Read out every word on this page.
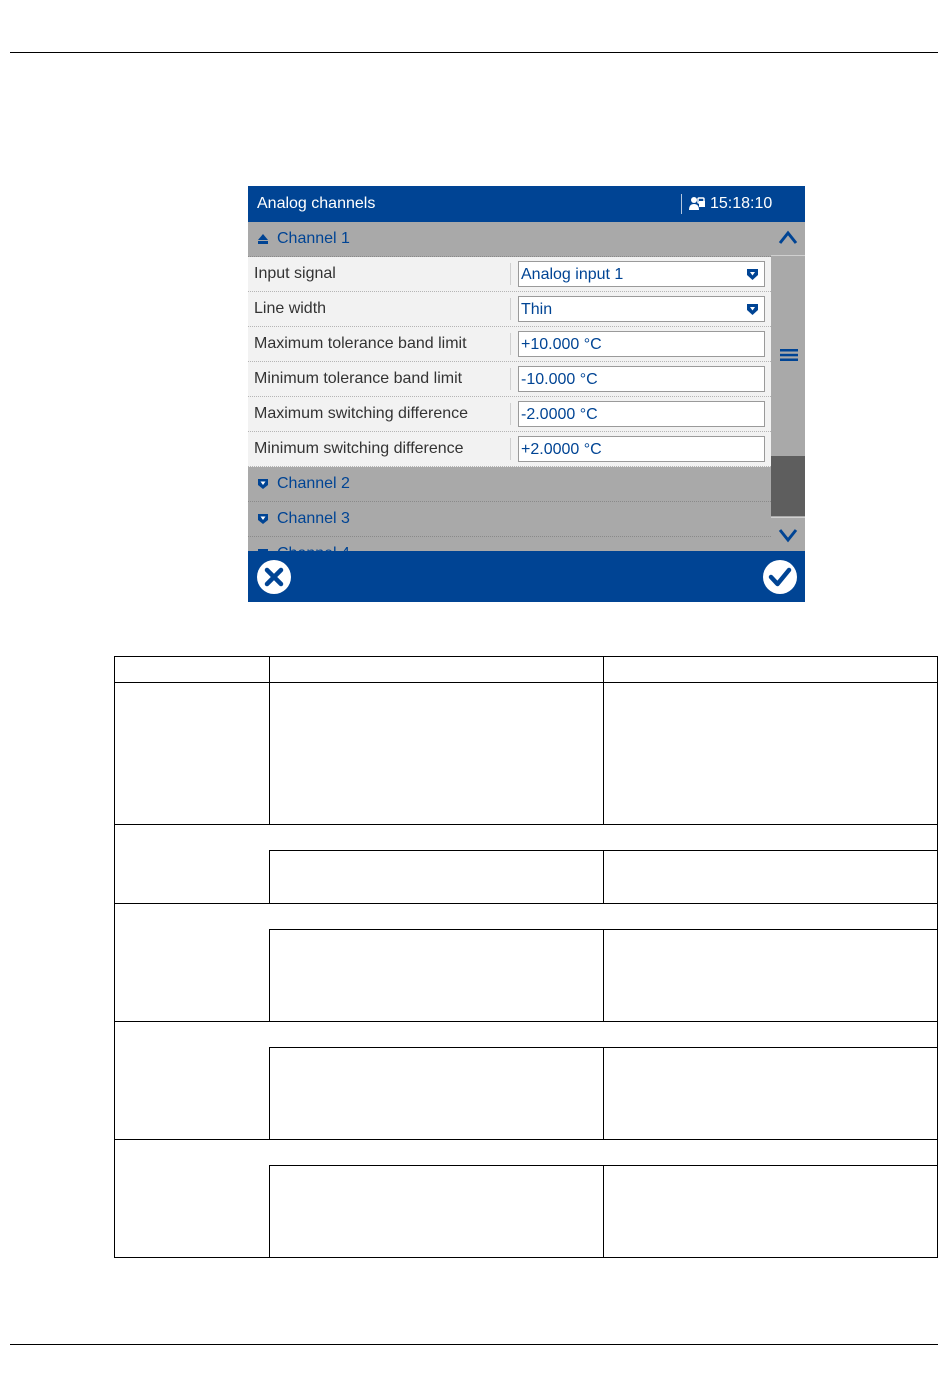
Analog channels	15:18:10
Channel 1
Input signal	Analog input 1
Line width	Thin
Maximum tolerance band limit	+10.000 °C
Minimum tolerance band limit	-10.000 °C
Maximum switching difference	-2.0000 °C
Minimum switching difference	+2.0000 °C
Channel 2
Channel 3
